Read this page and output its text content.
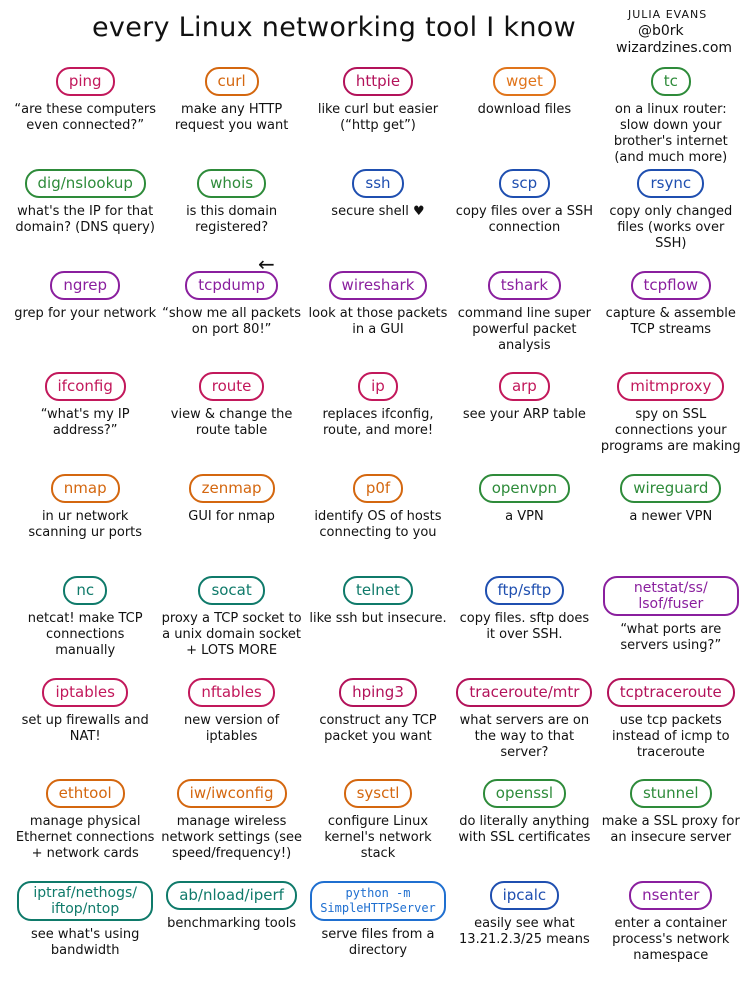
every Linux networking tool I know	JULIA EVANS
@b0rk
wizardzines.com
ping
“are these computers even connected?”
curl
make any HTTP request you want
httpie
like curl but easier (“http get”)
wget
download files
tc
on a linux router: slow down your brother's internet (and much more)
dig/nslookup
what's the IP for that domain? (DNS query)
whois
is this domain registered?
ssh
secure shell ♥
scp
copy files over a SSH connection
rsync
copy only changed files (works over SSH)
ngrep
grep for your network
tcpdump
“show me all packets on port 80!”
wireshark
look at those packets in a GUI
tshark
command line super powerful packet analysis
tcpflow
capture & assemble TCP streams
ifconfig
“what's my IP address?”
route
view & change the route table
ip
replaces ifconfig, route, and more!
arp
see your ARP table
mitmproxy
spy on SSL connections your programs are making
nmap
in ur network scanning ur ports
zenmap
GUI for nmap
p0f
identify OS of hosts connecting to you
openvpn
a VPN
wireguard
a newer VPN
nc
netcat! make TCP connections manually
socat
proxy a TCP socket to a unix domain socket + LOTS MORE
telnet
like ssh but insecure.
ftp/sftp
copy files. sftp does it over SSH.
netstat/ss/ lsof/fuser
“what ports are servers using?”
iptables
set up firewalls and NAT!
nftables
new version of iptables
hping3
construct any TCP packet you want
traceroute/mtr
what servers are on the way to that server?
tcptraceroute
use tcp packets instead of icmp to traceroute
ethtool
manage physical Ethernet connections + network cards
iw/iwconfig
manage wireless network settings (see speed/frequency!)
sysctl
configure Linux kernel's network stack
openssl
do literally anything with SSL certificates
stunnel
make a SSL proxy for an insecure server
iptraf/nethogs/ iftop/ntop
see what's using bandwidth
ab/nload/iperf
benchmarking tools
python -m SimpleHTTPServer
serve files from a directory
ipcalc
easily see what 13.21.2.3/25 means
nsenter
enter a container process's network namespace
←
